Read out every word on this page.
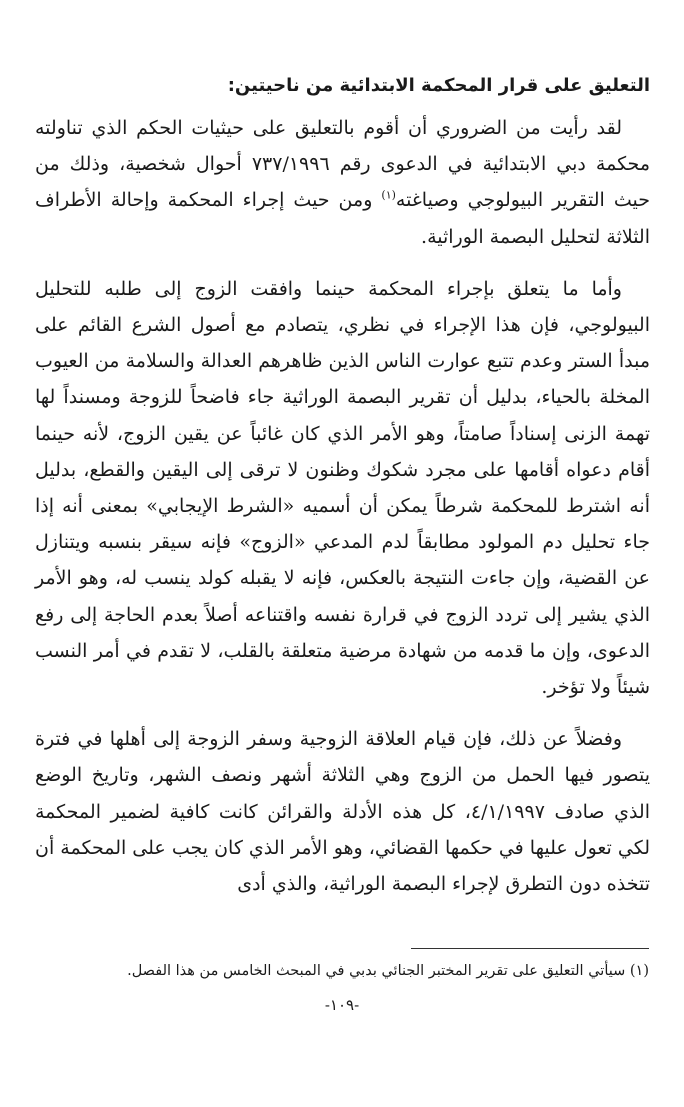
التعليق على قرار المحكمة الابتدائية من ناحيتين:

لقد رأيت من الضروري أن أقوم بالتعليق على حيثيات الحكم الذي تناولته محكمة دبي الابتدائية في الدعوى رقم ٧٣٧/١٩٩٦ أحوال شخصية، وذلك من حيث التقرير البيولوجي وصياغته$^{(١)}$ ومن حيث إجراء المحكمة وإحالة الأطراف الثلاثة لتحليل البصمة الوراثية.

وأما ما يتعلق بإجراء المحكمة حينما وافقت الزوج إلى طلبه للتحليل البيولوجي، فإن هذا الإجراء في نظري، يتصادم مع أصول الشرع القائم على مبدأ الستر وعدم تتبع عوارت الناس الذين ظاهرهم العدالة والسلامة من العيوب المخلة بالحياء، بدليل أن تقرير البصمة الوراثية جاء فاضحاً للزوجة ومسنداً لها تهمة الزنى إسناداً صامتاً، وهو الأمر الذي كان غائباً عن يقين الزوج، لأنه حينما أقام دعواه أقامها على مجرد شكوك وظنون لا ترقى إلى اليقين والقطع، بدليل أنه اشترط للمحكمة شرطاً يمكن أن أسميه «الشرط الإيجابي» بمعنى أنه إذا جاء تحليل دم المولود مطابقاً لدم المدعي «الزوج» فإنه سيقر بنسبه ويتنازل عن القضية، وإن جاءت النتيجة بالعكس، فإنه لا يقبله كولد ينسب له، وهو الأمر الذي يشير إلى تردد الزوج في قرارة نفسه واقتناعه أصلاً بعدم الحاجة إلى رفع الدعوى، وإن ما قدمه من شهادة مرضية متعلقة بالقلب، لا تقدم في أمر النسب شيئاً ولا تؤخر.

وفضلاً عن ذلك، فإن قيام العلاقة الزوجية وسفر الزوجة إلى أهلها في فترة يتصور فيها الحمل من الزوج وهي الثلاثة أشهر ونصف الشهر، وتاريخ الوضع الذي صادف ٤/١/١٩٩٧، كل هذه الأدلة والقرائن كانت كافية لضمير المحكمة لكي تعول عليها في حكمها القضائي، وهو الأمر الذي كان يجب على المحكمة أن تتخذه دون التطرق لإجراء البصمة الوراثية، والذي أدى

(١) سيأتي التعليق على تقرير المختبر الجنائي بدبي في المبحث الخامس من هذا الفصل.
-١٠٩-
